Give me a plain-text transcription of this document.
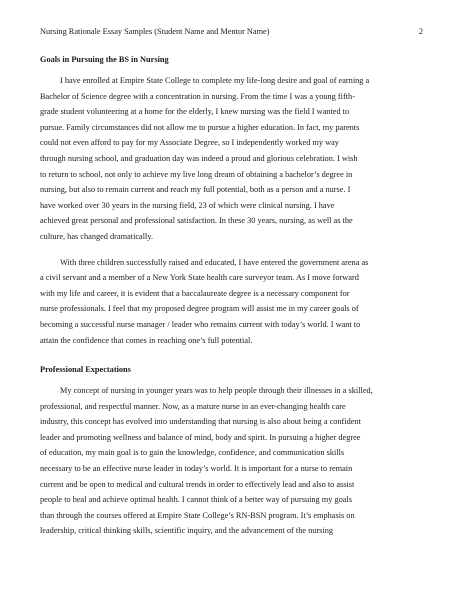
Nursing Rationale Essay Samples (Student Name and Mentor Name)	2
Goals in Pursuing the BS in Nursing

I have enrolled at Empire State College to complete my life-long desire and goal of earning a
Bachelor of Science degree with a concentration in nursing. From the time I was a young fifth-
grade student volunteering at a home for the elderly, I knew nursing was the field I wanted to
pursue. Family circumstances did not allow me to pursue a higher education. In fact, my parents
could not even afford to pay for my Associate Degree, so I independently worked my way
through nursing school, and graduation day was indeed a proud and glorious celebration. I wish
to return to school, not only to achieve my live long dream of obtaining a bachelor’s degree in
nursing, but also to remain current and reach my full potential, both as a person and a nurse. I
have worked over 30 years in the nursing field, 23 of which were clinical nursing. I have
achieved great personal and professional satisfaction. In these 30 years, nursing, as well as the
culture, has changed dramatically.

With three children successfully raised and educated, I have entered the government arena as
a civil servant and a member of a New York State health care surveyor team. As I move forward
with my life and career, it is evident that a baccalaureate degree is a necessary component for
nurse professionals. I feel that my proposed degree program will assist me in my career goals of
becoming a successful nurse manager / leader who remains current with today’s world. I want to
attain the confidence that comes in reaching one’s full potential.

Professional Expectations

My concept of nursing in younger years was to help people through their illnesses in a skilled,
professional, and respectful manner. Now, as a mature nurse in an ever-changing health care
industry, this concept has evolved into understanding that nursing is also about being a confident
leader and promoting wellness and balance of mind, body and spirit. In pursuing a higher degree
of education, my main goal is to gain the knowledge, confidence, and communication skills
necessary to be an effective nurse leader in today’s world. It is important for a nurse to remain
current and be open to medical and cultural trends in order to effectively lead and also to assist
people to heal and achieve optimal health. I cannot think of a better way of pursuing my goals
than through the courses offered at Empire State College’s RN-BSN program. It’s emphasis on
leadership, critical thinking skills, scientific inquiry, and the advancement of the nursing
